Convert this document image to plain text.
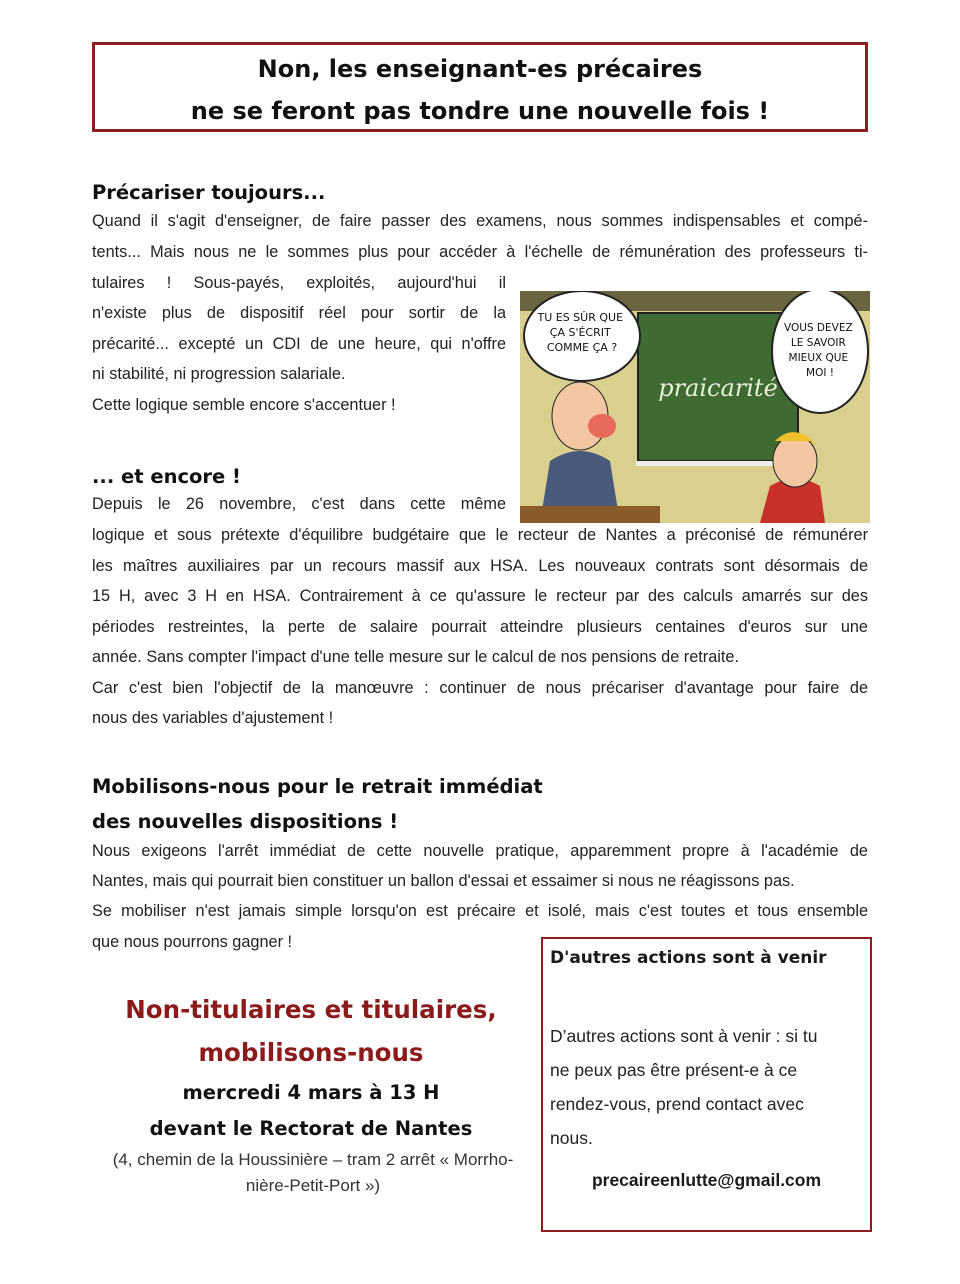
Non, les enseignant-es précaires
ne se feront pas tondre une nouvelle fois !
Précariser toujours...
... et encore !
Mobilisons-nous pour le retrait immédiat
des nouvelles dispositions !
Quand il s'agit d'enseigner, de faire passer des examens, nous sommes indispensables et compé-
tents... Mais nous ne le sommes plus pour accéder à l'échelle de rémunération des professeurs ti-
tulaires ! Sous-payés, exploités, aujourd'hui il
n'existe plus de dispositif réel pour sortir de la
précarité... excepté un CDI de une heure, qui n'offre
ni stabilité, ni progression salariale.
Cette logique semble encore s'accentuer !
Depuis le 26 novembre, c'est dans cette même
logique et sous prétexte d'équilibre budgétaire que le recteur de Nantes a préconisé de rémunérer
les maîtres auxiliaires par un recours massif aux HSA. Les nouveaux contrats sont désormais de
15 H, avec 3 H en HSA. Contrairement à ce qu'assure le recteur par des calculs amarrés sur des
périodes restreintes, la perte de salaire pourrait atteindre plusieurs centaines d'euros sur une
année. Sans compter l'impact d'une telle mesure sur le calcul de nos pensions de retraite.
Car c'est bien l'objectif de la manœuvre : continuer de nous précariser d'avantage pour faire de
nous des variables d'ajustement !
Nous exigeons l'arrêt immédiat de cette nouvelle pratique, apparemment propre à l'académie de
Nantes, mais qui pourrait bien constituer un ballon d'essai et essaimer si nous ne réagissons pas.
Se mobiliser n'est jamais simple lorsqu'on est précaire et isolé, mais c'est toutes et tous ensemble
que nous pourrons gagner !
praicarité
TU ES SÛR QUE ÇA S'ÉCRIT COMME ÇA ?
VOUS DEVEZ LE SAVOIR MIEUX QUE MOI !
Non-titulaires et titulaires,
mobilisons-nous
mercredi 4 mars à 13 H
devant le Rectorat de Nantes
(4, chemin de la Houssinière – tram 2 arrêt « Morrho-
nière-Petit-Port »)
D'autres actions sont à venir
D’autres actions sont à venir : si tu
ne peux pas être présent-e à ce
rendez-vous, prend contact avec
nous.
precaireenlutte@gmail.com
